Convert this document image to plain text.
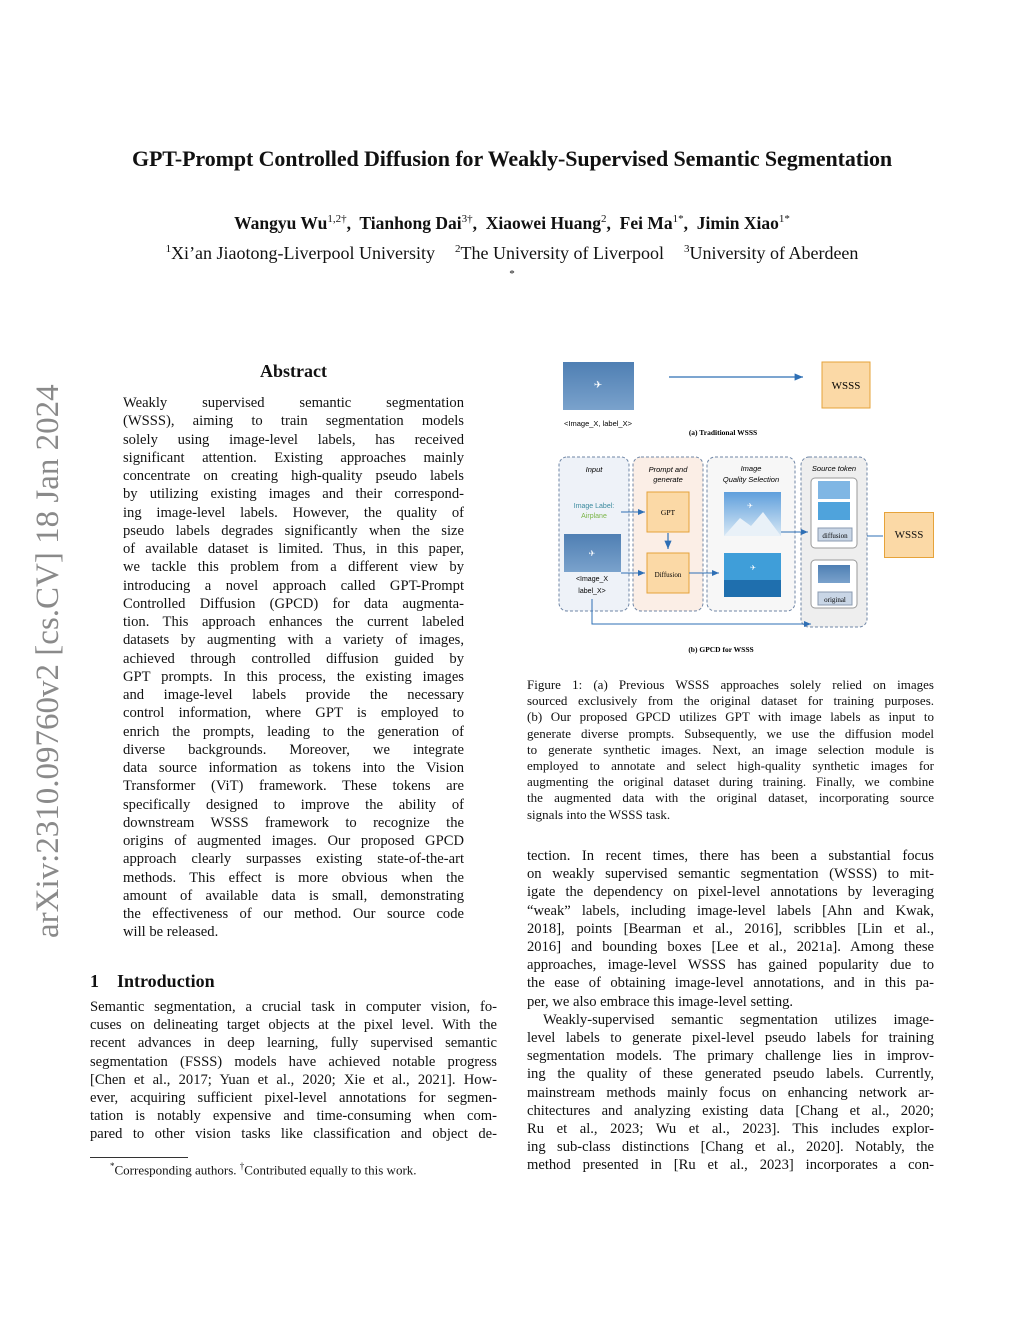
arXiv:2310.09760v2 [cs.CV] 18 Jan 2024
GPT-Prompt Controlled Diffusion for Weakly-Supervised Semantic Segmentation
Wangyu $Wu^{1,2\dagger}$,  Tianhong Dai$^{3\dagger}$,  Xiaowei Huang$^2$,  Fei $Ma^{1*}$,  Jimin Xiao$^{1*}$
$^1$Xi’an Jiaotong-Liverpool University $^2$The University of Liverpool $^3$University of Aberdeen
*
Abstract
Weakly supervised semantic segmentation
(WSSS), aiming to train segmentation models
solely using image-level labels, has received
significant attention. Existing approaches mainly
concentrate on creating high-quality pseudo labels
by utilizing existing images and their correspond-
ing image-level labels. However, the quality of
pseudo labels degrades significantly when the size
of available dataset is limited. Thus, in this paper,
we tackle this problem from a different view by
introducing a novel approach called GPT-Prompt
Controlled Diffusion (GPCD) for data augmenta-
tion. This approach enhances the current labeled
datasets by augmenting with a variety of images,
achieved through controlled diffusion guided by
GPT prompts. In this process, the existing images
and image-level labels provide the necessary
control information, where GPT is employed to
enrich the prompts, leading to the generation of
diverse backgrounds. Moreover, we integrate
data source information as tokens into the Vision
Transformer (ViT) framework. These tokens are
specifically designed to improve the ability of
downstream WSSS framework to recognize the
origins of augmented images. Our proposed GPCD
approach clearly surpasses existing state-of-the-art
methods. This effect is more obvious when the
amount of available data is small, demonstrating
the effectiveness of our method. Our source code
will be released.
1 Introduction
Semantic segmentation, a crucial task in computer vision, fo-
cuses on delineating target objects at the pixel level. With the
recent advances in deep learning, fully supervised semantic
segmentation (FSSS) models have achieved notable progress
[Chen et al., 2017; Yuan et al., 2020; Xie et al., 2021]. How-
ever, acquiring sufficient pixel-level annotations for segmen-
tation is notably expensive and time-consuming when com-
pared to other vision tasks like classification and object de-
*Corresponding authors. †Contributed equally to this work.
✈	WSSS
<Image_X, label_X>
(a) Traditional WSSS
Input	Prompt and
generate
Image
Quality Selection
Source token
Image Label:
Airplane
✈
<Image_X
label_X>
GPT
Diffusion
✈
✈
diffusion
original
(b) GPCD for WSSS
WSSS
Figure 1: (a) Previous WSSS approaches solely relied on images
sourced exclusively from the original dataset for training purposes.
(b) Our proposed GPCD utilizes GPT with image labels as input to
generate diverse prompts. Subsequently, we use the diffusion model
to generate synthetic images. Next, an image selection module is
employed to annotate and select high-quality synthetic images for
augmenting the original dataset during training. Finally, we combine
the augmented data with the original dataset, incorporating source
signals into the WSSS task.
tection. In recent times, there has been a substantial focus
on weakly supervised semantic segmentation (WSSS) to mit-
igate the dependency on pixel-level annotations by leveraging
“weak” labels, including image-level labels [Ahn and Kwak,
2018], points [Bearman et al., 2016], scribbles [Lin et al.,
2016] and bounding boxes [Lee et al., 2021a]. Among these
approaches, image-level WSSS has gained popularity due to
the ease of obtaining image-level annotations, and in this pa-
per, we also embrace this image-level setting.
Weakly-supervised semantic segmentation utilizes image-
level labels to generate pixel-level pseudo labels for training
segmentation models. The primary challenge lies in improv-
ing the quality of these generated pseudo labels. Currently,
mainstream methods mainly focus on enhancing network ar-
chitectures and analyzing existing data [Chang et al., 2020;
Ru et al., 2023; Wu et al., 2023]. This includes explor-
ing sub-class distinctions [Chang et al., 2020]. Notably, the
method presented in [Ru et al., 2023] incorporates a con-
